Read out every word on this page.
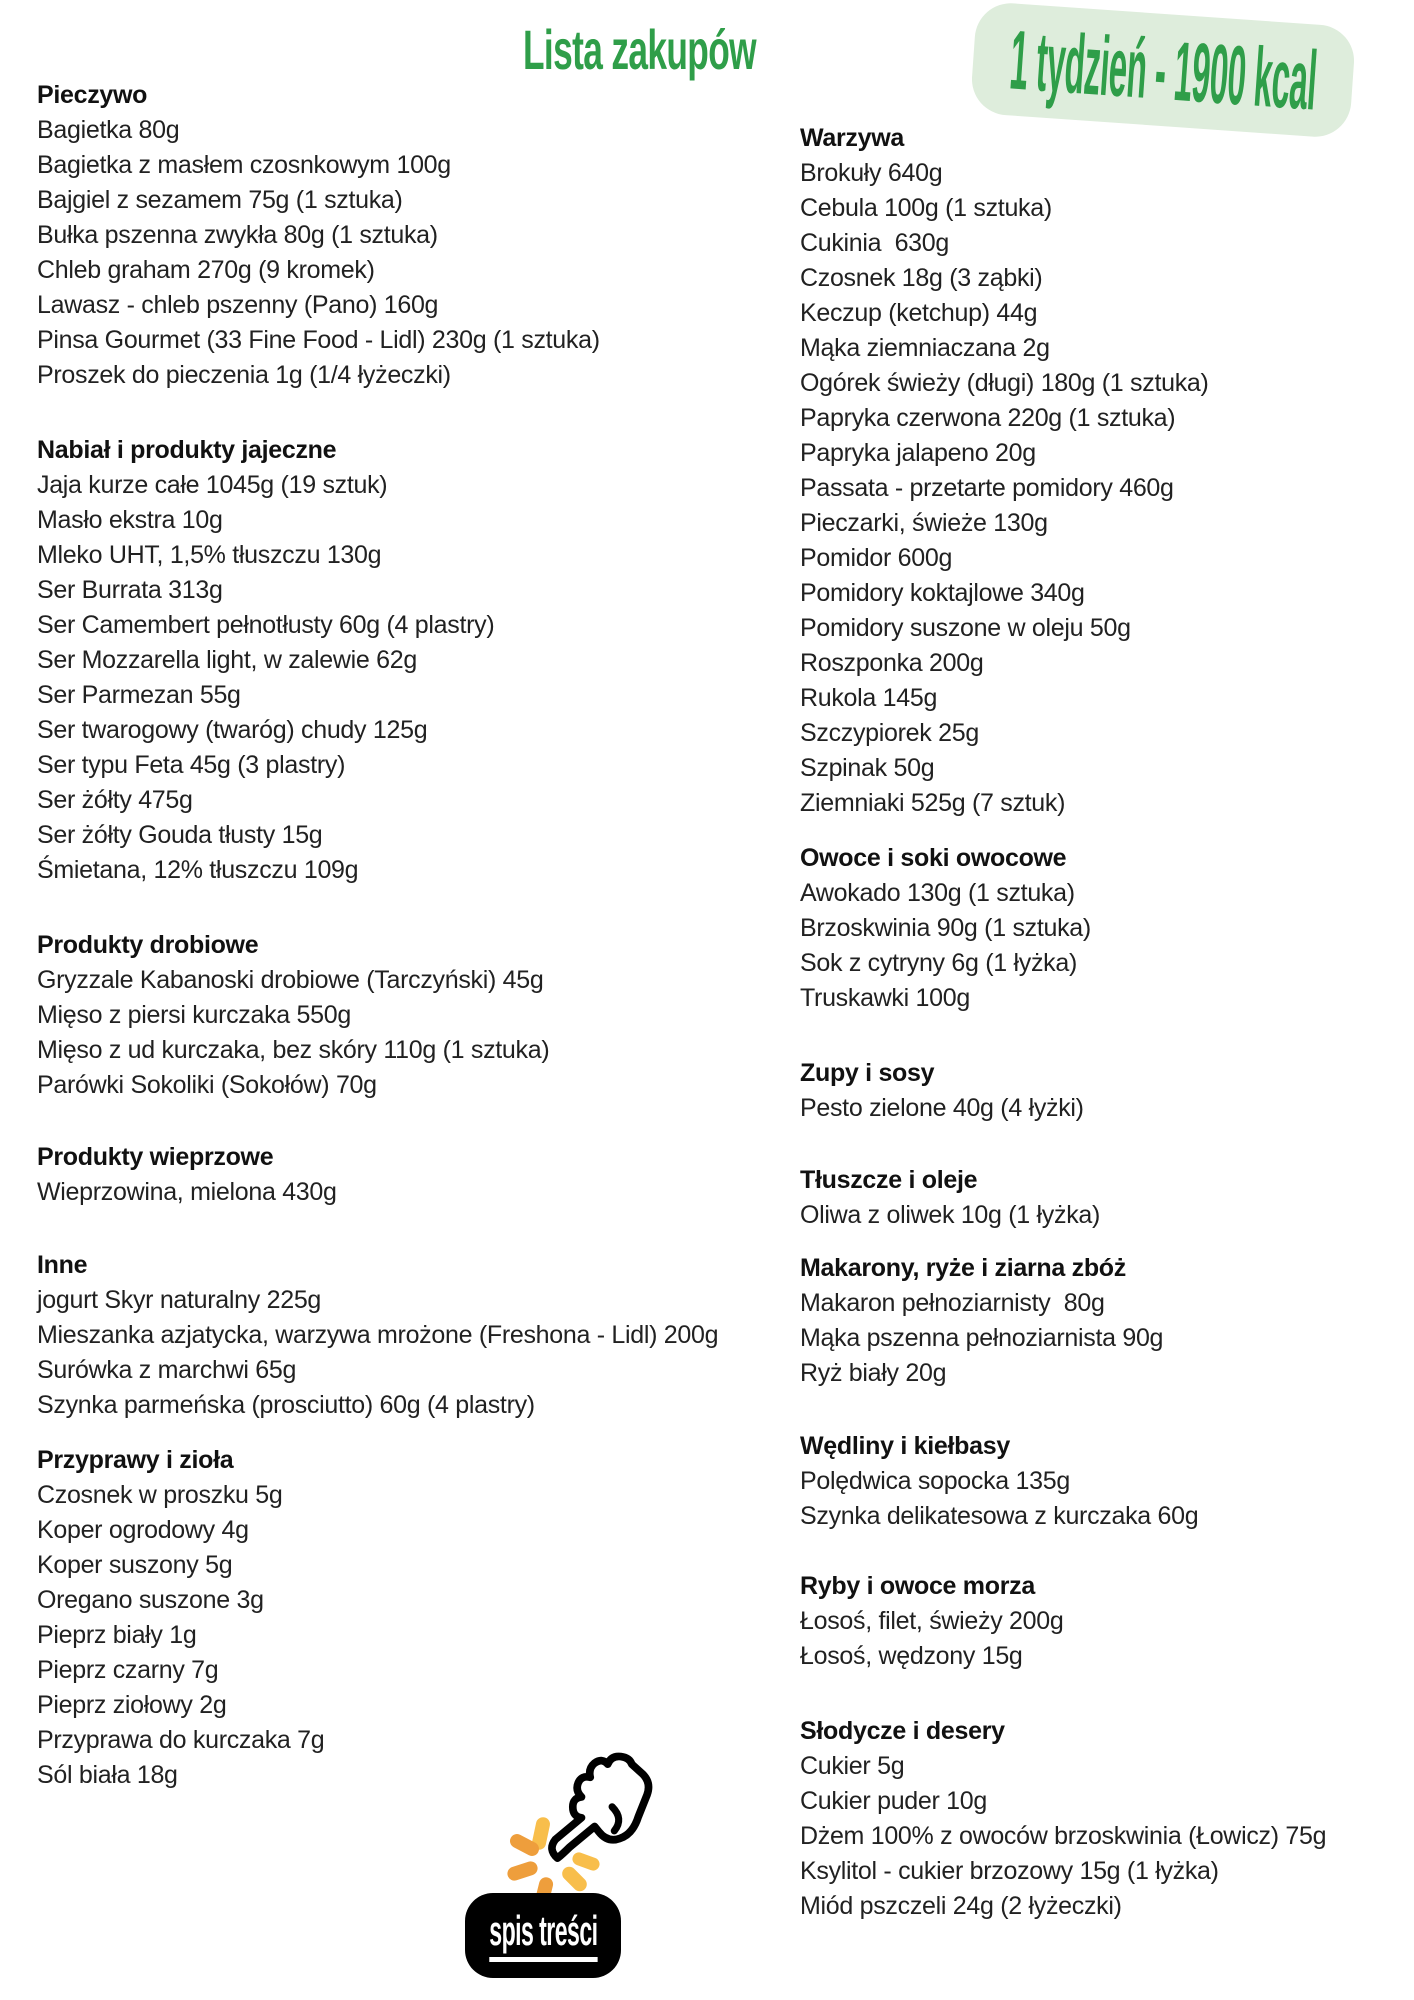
Lista zakupów	1 tydzień - 1900 kcal
Pieczywo
Bagietka 80g
Bagietka z masłem czosnkowym 100g
Bajgiel z sezamem 75g (1 sztuka)
Bułka pszenna zwykła 80g (1 sztuka)
Chleb graham 270g (9 kromek)
Lawasz - chleb pszenny (Pano) 160g
Pinsa Gourmet (33 Fine Food - Lidl) 230g (1 sztuka)
Proszek do pieczenia 1g (1/4 łyżeczki)
Nabiał i produkty jajeczne
Jaja kurze całe 1045g (19 sztuk)
Masło ekstra 10g
Mleko UHT, 1,5% tłuszczu 130g
Ser Burrata 313g
Ser Camembert pełnotłusty 60g (4 plastry)
Ser Mozzarella light, w zalewie 62g
Ser Parmezan 55g
Ser twarogowy (twaróg) chudy 125g
Ser typu Feta 45g (3 plastry)
Ser żółty 475g
Ser żółty Gouda tłusty 15g
Śmietana, 12% tłuszczu 109g
Produkty drobiowe
Gryzzale Kabanoski drobiowe (Tarczyński) 45g
Mięso z piersi kurczaka 550g
Mięso z ud kurczaka, bez skóry 110g (1 sztuka)
Parówki Sokoliki (Sokołów) 70g
Produkty wieprzowe
Wieprzowina, mielona 430g
Inne
jogurt Skyr naturalny 225g
Mieszanka azjatycka, warzywa mrożone (Freshona - Lidl) 200g
Surówka z marchwi 65g
Szynka parmeńska (prosciutto) 60g (4 plastry)
Przyprawy i zioła
Czosnek w proszku 5g
Koper ogrodowy 4g
Koper suszony 5g
Oregano suszone 3g
Pieprz biały 1g
Pieprz czarny 7g
Pieprz ziołowy 2g
Przyprawa do kurczaka 7g
Sól biała 18g
Warzywa
Brokuły 640g
Cebula 100g (1 sztuka)
Cukinia  630g
Czosnek 18g (3 ząbki)
Keczup (ketchup) 44g
Mąka ziemniaczana 2g
Ogórek świeży (długi) 180g (1 sztuka)
Papryka czerwona 220g (1 sztuka)
Papryka jalapeno 20g
Passata - przetarte pomidory 460g
Pieczarki, świeże 130g
Pomidor 600g
Pomidory koktajlowe 340g
Pomidory suszone w oleju 50g
Roszponka 200g
Rukola 145g
Szczypiorek 25g
Szpinak 50g
Ziemniaki 525g (7 sztuk)
Owoce i soki owocowe
Awokado 130g (1 sztuka)
Brzoskwinia 90g (1 sztuka)
Sok z cytryny 6g (1 łyżka)
Truskawki 100g
Zupy i sosy
Pesto zielone 40g (4 łyżki)
Tłuszcze i oleje
Oliwa z oliwek 10g (1 łyżka)
Makarony, ryże i ziarna zbóż
Makaron pełnoziarnisty  80g
Mąka pszenna pełnoziarnista 90g
Ryż biały 20g
Wędliny i kiełbasy
Polędwica sopocka 135g
Szynka delikatesowa z kurczaka 60g
Ryby i owoce morza
Łosoś, filet, świeży 200g
Łosoś, wędzony 15g
Słodycze i desery
Cukier 5g
Cukier puder 10g
Dżem 100% z owoców brzoskwinia (Łowicz) 75g
Ksylitol - cukier brzozowy 15g (1 łyżka)
Miód pszczeli 24g (2 łyżeczki)
spis treści
